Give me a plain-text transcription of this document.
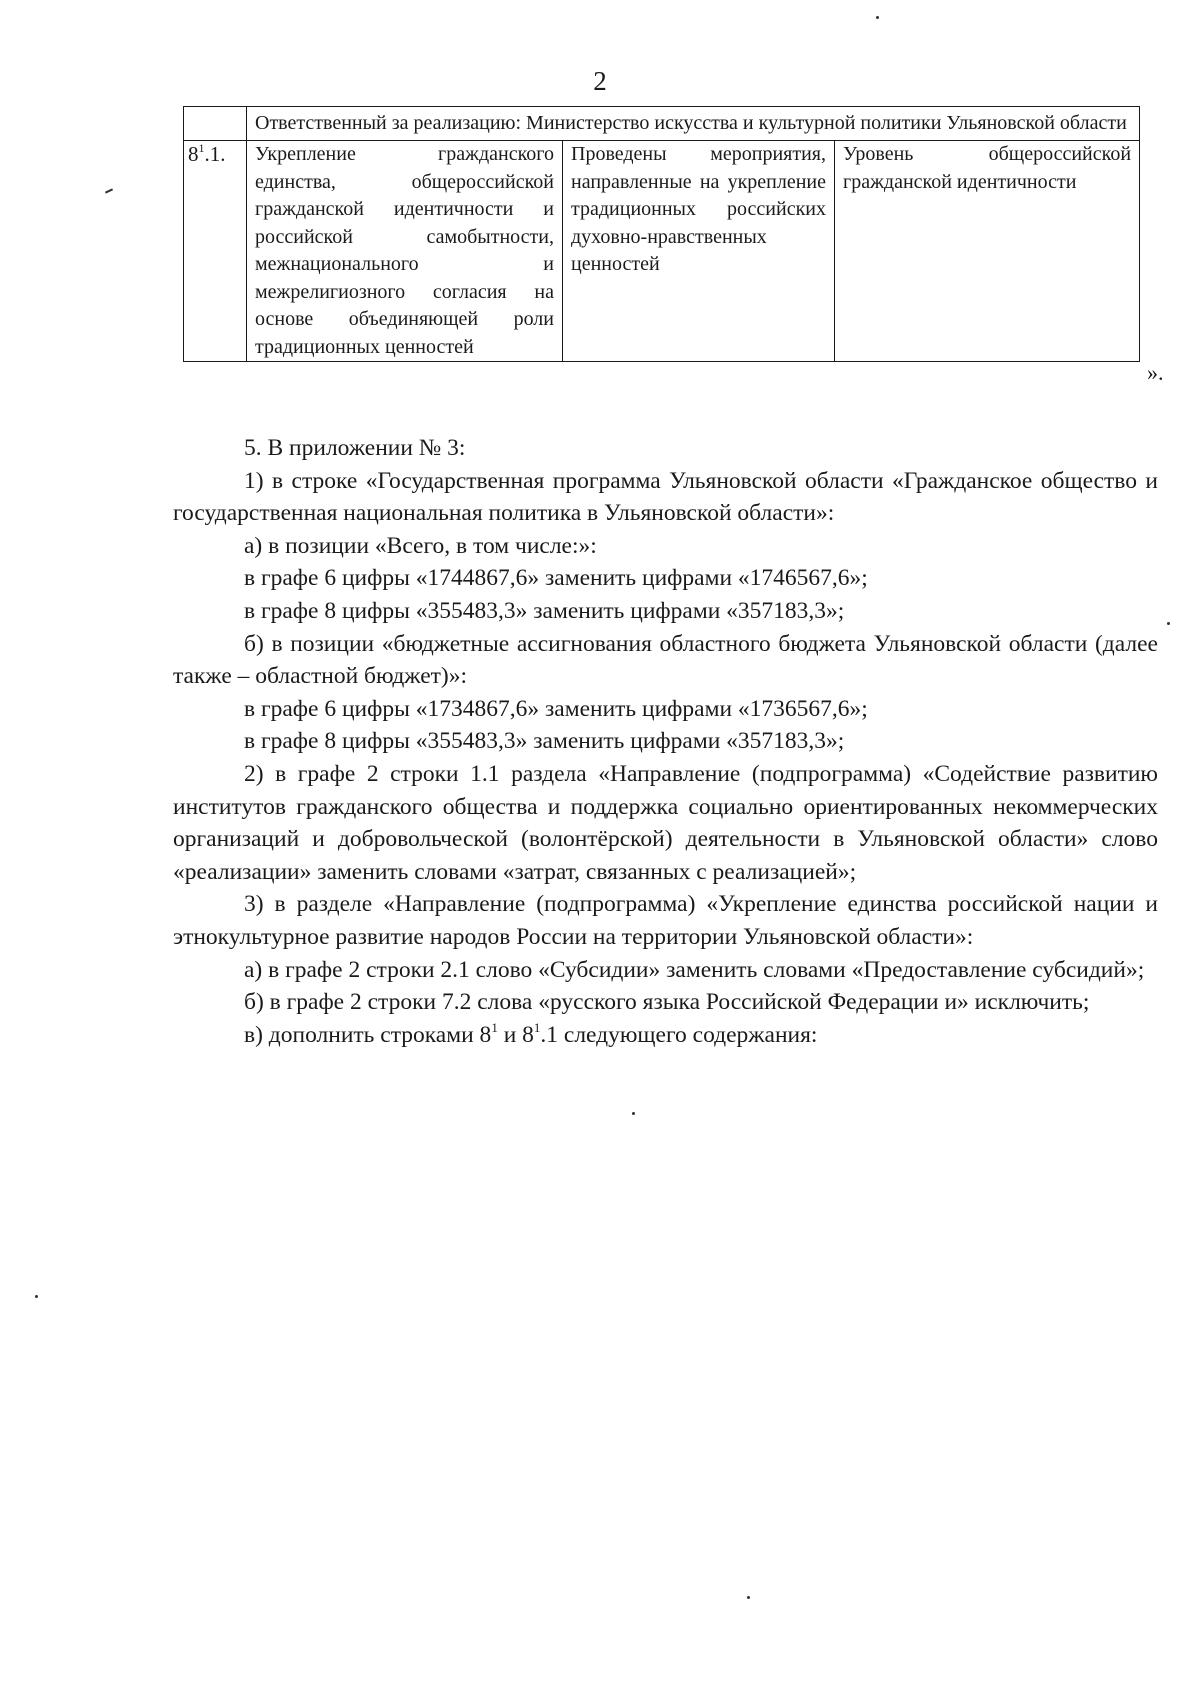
2
	Ответственный за реализацию: Министерство искусства и культурной политики Ульяновской области		
$8^1.1$.	Укрепление гражданского единства, общероссийской гражданской идентичности и российской самобытности, межнационального и межрелигиозного согласия на основе объединяющей роли традиционных ценностей	Проведены мероприятия, направленные на укрепление традиционных российских духовно-нравственных ценностей	Уровень общероссийской гражданской идентичности
».

5. В приложении № 3:

1) в строке «Государственная программа Ульяновской области «Гражданское общество и государственная национальная политика в Ульяновской области»:

а) в позиции «Всего, в том числе:»:

в графе 6 цифры «1744867,6» заменить цифрами «1746567,6»;

в графе 8 цифры «355483,3» заменить цифрами «357183,3»;

б) в позиции «бюджетные ассигнования областного бюджета Ульяновской области (далее также – областной бюджет)»:

в графе 6 цифры «1734867,6» заменить цифрами «1736567,6»;

в графе 8 цифры «355483,3» заменить цифрами «357183,3»;

2) в графе 2 строки 1.1 раздела «Направление (подпрограмма) «Содействие развитию институтов гражданского общества и поддержка социально ориентированных некоммерческих организаций и добровольческой (волонтёрской) деятельности в Ульяновской области» слово «реализации» заменить словами «затрат, связанных с реализацией»;

3) в разделе «Направление (подпрограмма) «Укрепление единства российской нации и этнокультурное развитие народов России на территории Ульяновской области»:

а) в графе 2 строки 2.1 слово «Субсидии» заменить словами «Предоставление субсидий»;

б) в графе 2 строки 7.2 слова «русского языка Российской Федерации и» исключить;

в) дополнить строками $8^1$ и $8^1.1$ следующего содержания:
